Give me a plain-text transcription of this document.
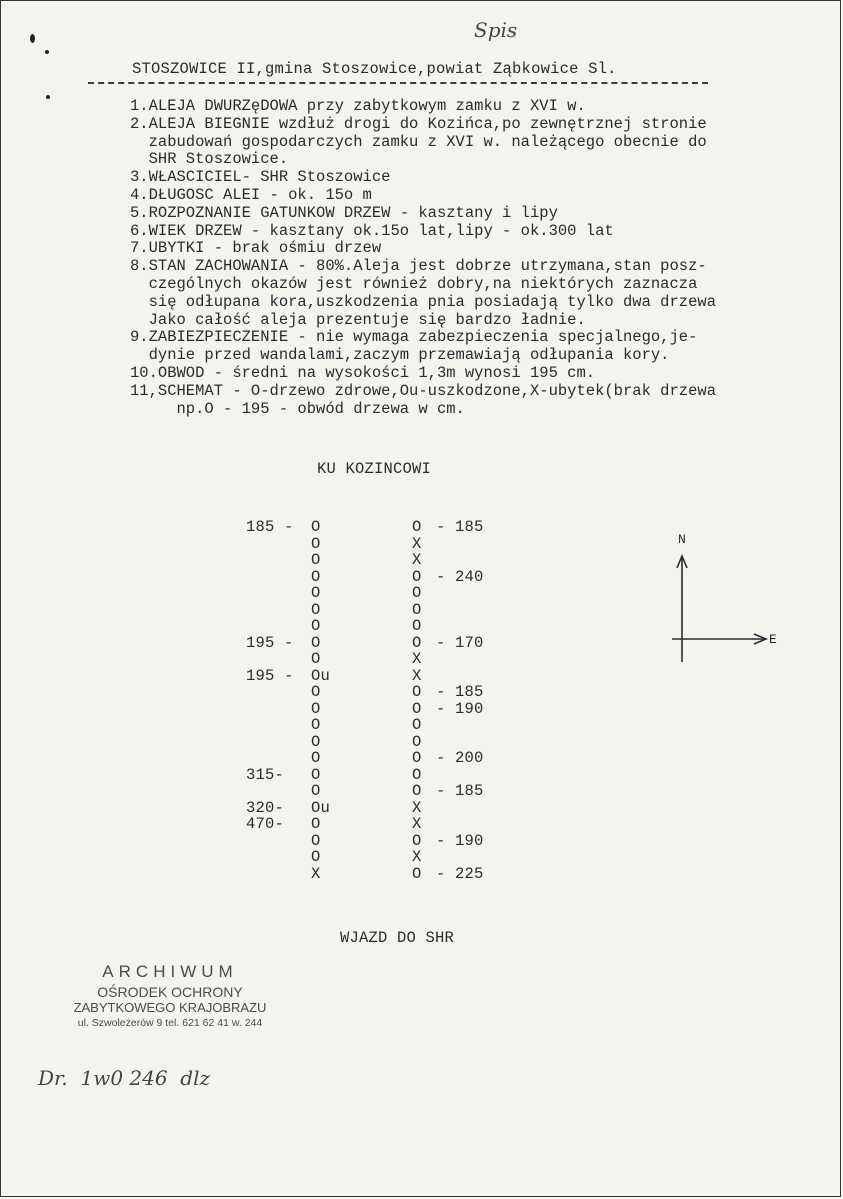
Spis
STOSZOWICE II,gmina Stoszowice,powiat Ząbkowice Sl.
1.ALEJA DWURZęDOWA przy zabytkowym zamku z XVI w.
2.ALEJA BIEGNIE wzdłuż drogi do Kozińca,po zewnętrznej stronie
zabudowań gospodarczych zamku z XVI w. należącego obecnie do
SHR Stoszowice.
3.WŁASCICIEL- SHR Stoszowice
4.DŁUGOSC ALEI - ok. 15o m
5.ROZPOZNANIE GATUNKOW DRZEW - kasztany i lipy
6.WIEK DRZEW - kasztany ok.15o lat,lipy - ok.300 lat
7.UBYTKI - brak ośmiu drzew
8.STAN ZACHOWANIA - 80%.Aleja jest dobrze utrzymana,stan posz-
czególnych okazów jest również dobry,na niektórych zaznacza
się odłupana kora,uszkodzenia pnia posiadają tylko dwa drzewa
Jako całość aleja prezentuje się bardzo ładnie.
9.ZABIEZPIECZENIE - nie wymaga zabezpieczenia specjalnego,je-
dynie przed wandalami,zaczym przemawiają odłupania kory.
10.OBWOD - średni na wysokości 1,3m wynosi 195 cm.
11,SCHEMAT - O-drzewo zdrowe,Ou-uszkodzone,X-ubytek(brak drzewa
np.O - 195 - obwód drzewa w cm.
KU KOZINCOWI
185 - O
O
O
O
O
O
O
195 - O
O
195 - Ou
O
O
O
O
O
315- O
O
320- Ou
470- O
O
O
X
O - 185
X
X
O - 240
O
O
O
O - 170
X
X
O - 185
O - 190
O
O
O - 200
O
O - 185
X
X
O - 190
X
O - 225
WJAZD DO SHR
N
E
ARCHIWUM
OŚRODEK OCHRONY
ZABYTKOWEGO KRAJOBRAZU
ul. Szwoleżerów 9 tel. 621 62 41 w. 244
Dr.  1w0 246  dlz
